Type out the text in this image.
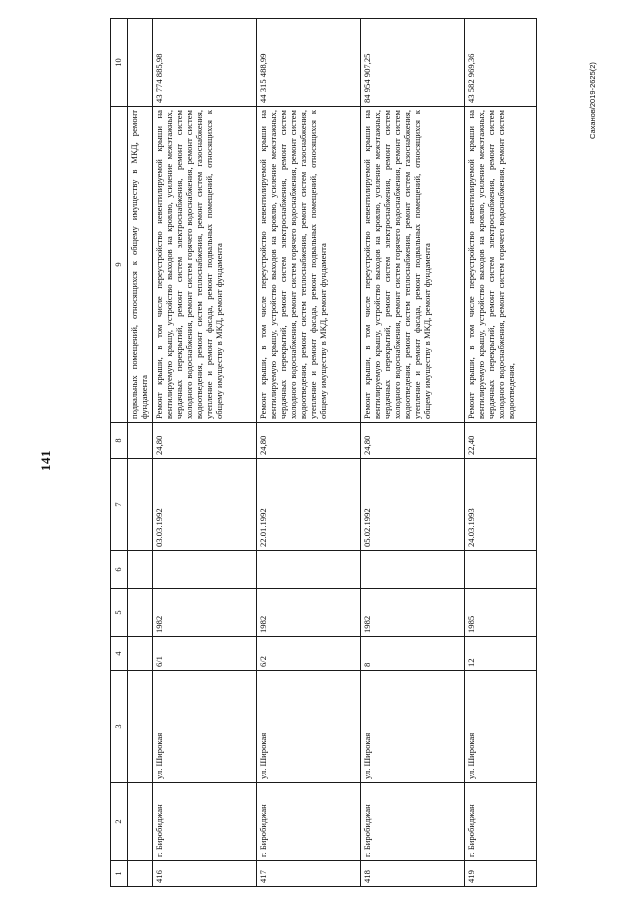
141
1	2	3	4	5	6	7	8	9	10
								подвальных помещений, относящихся к общему имуществу в МКД, ремонт фундамента	
416	г. Биробиджан	ул. Широкая	6/1	1982		03.03.1992	24,80	Ремонт крыши, в том числе переустройство невентилируемой крыши на вентилируемую крышу, устройство выходов на кровлю, усиление межэтажных, чердачных перекрытий, ремонт систем электроснабжения, ремонт систем холодного водоснабжения, ремонт систем горячего водоснабжения, ремонт систем водоотведения, ремонт систем теплоснабжения, ремонт систем газоснабжения, утепление и ремонт фасада, ремонт подвальных помещений, относящихся к общему имуществу в МКД, ремонт фундамента	43 774 885,98
417	г. Биробиджан	ул. Широкая	6/2	1982		22.01.1992	24,80	Ремонт крыши, в том числе переустройство невентилируемой крыши на вентилируемую крышу, устройство выходов на кровлю, усиление межэтажных, чердачных перекрытий, ремонт систем электроснабжения, ремонт систем холодного водоснабжения, ремонт систем горячего водоснабжения, ремонт систем водоотведения, ремонт систем теплоснабжения, ремонт систем газоснабжения, утепление и ремонт фасада, ремонт подвальных помещений, относящихся к общему имуществу в МКД, ремонт фундамента	44 315 488,99
418	г. Биробиджан	ул. Широкая	8	1982		05.02.1992	24,80	Ремонт крыши, в том числе переустройство невентилируемой крыши на вентилируемую крышу, устройство выходов на кровлю, усиление межэтажных, чердачных перекрытий, ремонт систем электроснабжения, ремонт систем холодного водоснабжения, ремонт систем горячего водоснабжения, ремонт систем водоотведения, ремонт систем теплоснабжения, ремонт систем газоснабжения, утепление и ремонт фасада, ремонт подвальных помещений, относящихся к общему имуществу в МКД, ремонт фундамента	84 954 907,25
419	г. Биробиджан	ул. Широкая	12	1985		24.03.1993	22,40	Ремонт крыши, в том числе переустройство невентилируемой крыши на вентилируемую крышу, устройство выходов на кровлю, усиление межэтажных, чердачных перекрытий, ремонт систем электроснабжения, ремонт систем холодного водоснабжения, ремонт систем горячего водоснабжения, ремонт систем водоотведения,	43 582 969,36	Саханов/2019-2625(2)
